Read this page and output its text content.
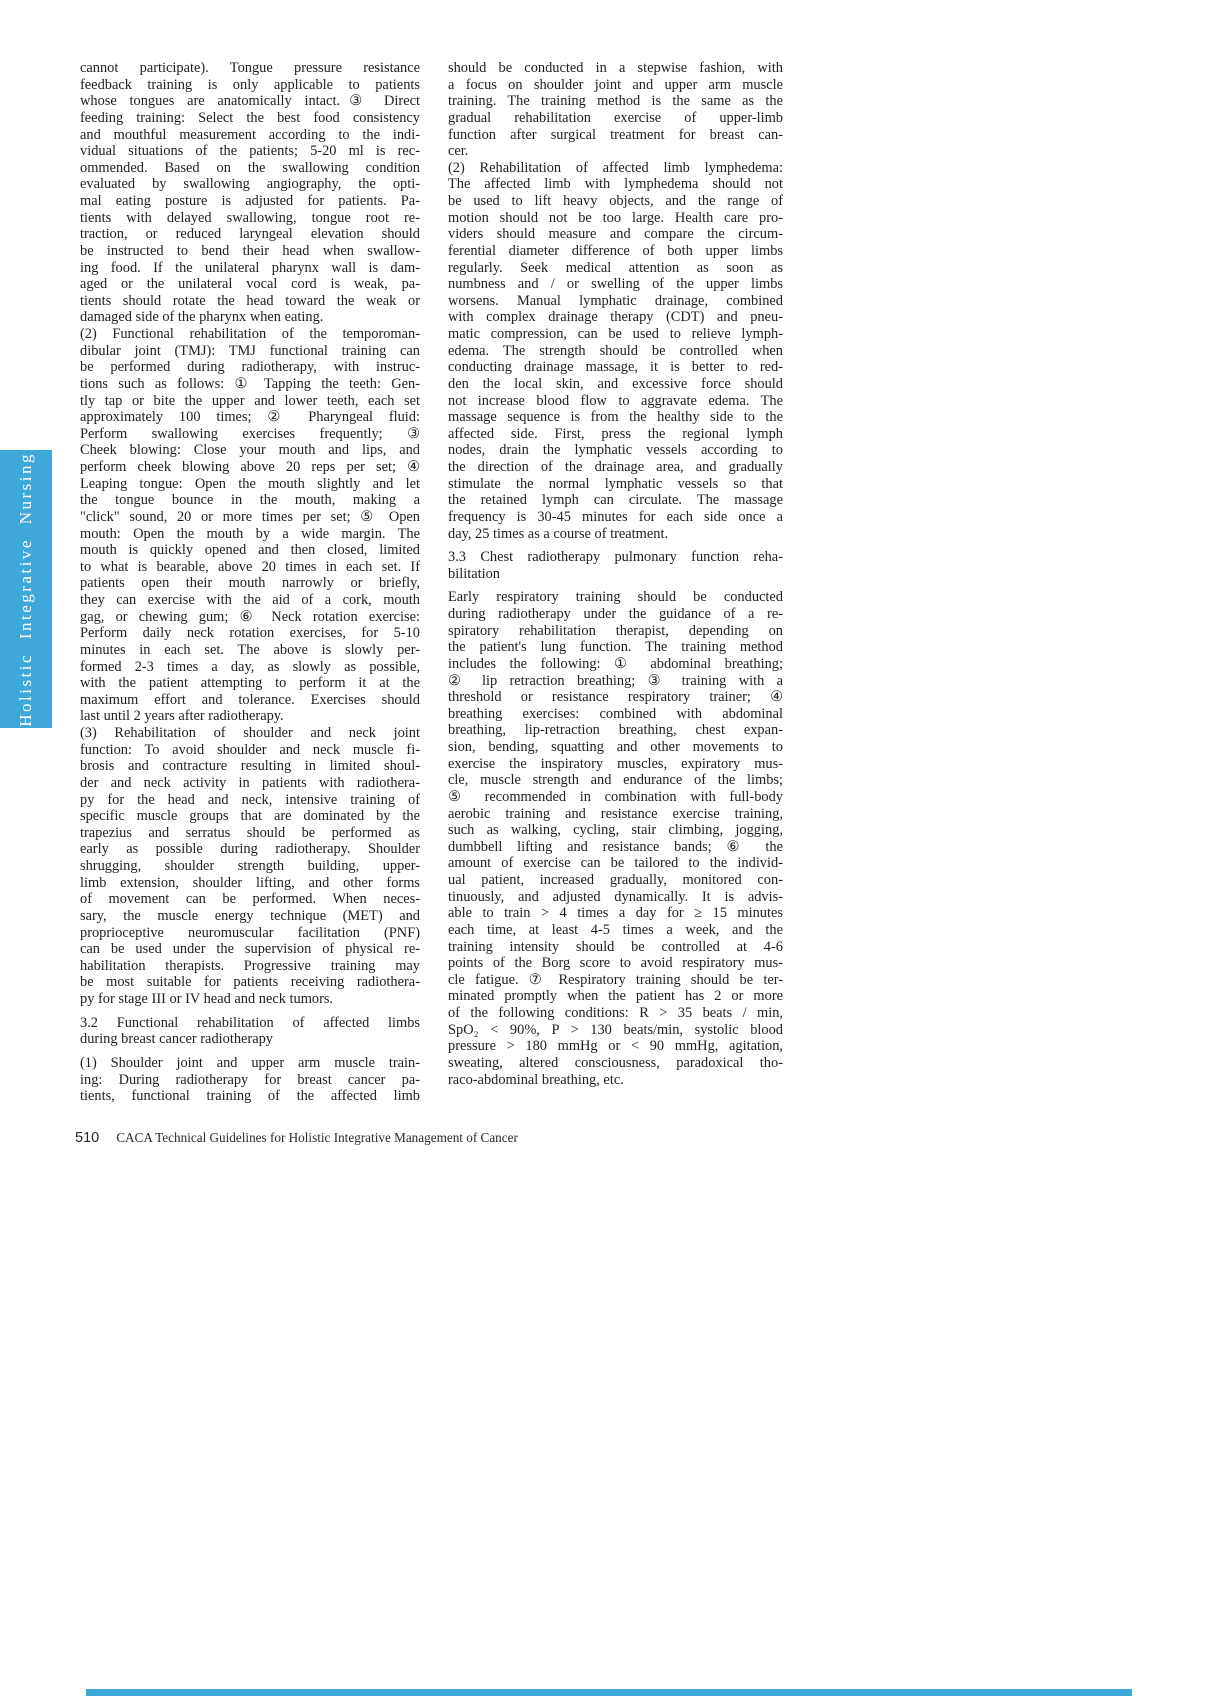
Holistic Integrative Nursing
cannot participate). Tongue pressure resistance
feedback training is only applicable to patients
whose tongues are anatomically intact.③ Direct
feeding training: Select the best food consistency
and mouthful measurement according to the indi-
vidual situations of the patients; 5-20 ml is rec-
ommended. Based on the swallowing condition
evaluated by swallowing angiography, the opti-
mal eating posture is adjusted for patients. Pa-
tients with delayed swallowing, tongue root re-
traction, or reduced laryngeal elevation should
be instructed to bend their head when swallow-
ing food. If the unilateral pharynx wall is dam-
aged or the unilateral vocal cord is weak, pa-
tients should rotate the head toward the weak or
damaged side of the pharynx when eating.
(2) Functional rehabilitation of the temporoman-
dibular joint (TMJ): TMJ functional training can
be performed during radiotherapy, with instruc-
tions such as follows: ① Tapping the teeth: Gen-
tly tap or bite the upper and lower teeth, each set
approximately 100 times; ② Pharyngeal fluid:
Perform swallowing exercises frequently; ③
Cheek blowing: Close your mouth and lips, and
perform cheek blowing above 20 reps per set; ④
Leaping tongue: Open the mouth slightly and let
the tongue bounce in the mouth, making a
"click" sound, 20 or more times per set; ⑤ Open
mouth: Open the mouth by a wide margin. The
mouth is quickly opened and then closed, limited
to what is bearable, above 20 times in each set. If
patients open their mouth narrowly or briefly,
they can exercise with the aid of a cork, mouth
gag, or chewing gum; ⑥ Neck rotation exercise:
Perform daily neck rotation exercises, for 5-10
minutes in each set. The above is slowly per-
formed 2-3 times a day, as slowly as possible,
with the patient attempting to perform it at the
maximum effort and tolerance. Exercises should
last until 2 years after radiotherapy.
(3) Rehabilitation of shoulder and neck joint
function: To avoid shoulder and neck muscle fi-
brosis and contracture resulting in limited shoul-
der and neck activity in patients with radiothera-
py for the head and neck, intensive training of
specific muscle groups that are dominated by the
trapezius and serratus should be performed as
early as possible during radiotherapy. Shoulder
shrugging, shoulder strength building, upper-
limb extension, shoulder lifting, and other forms
of movement can be performed. When neces-
sary, the muscle energy technique (MET) and
proprioceptive neuromuscular facilitation (PNF)
can be used under the supervision of physical re-
habilitation therapists. Progressive training may
be most suitable for patients receiving radiothera-
py for stage III or IV head and neck tumors.
3.2 Functional rehabilitation of affected limbs
during breast cancer radiotherapy
(1) Shoulder joint and upper arm muscle train-
ing: During radiotherapy for breast cancer pa-
tients, functional training of the affected limb
should be conducted in a stepwise fashion, with
a focus on shoulder joint and upper arm muscle
training. The training method is the same as the
gradual rehabilitation exercise of upper-limb
function after surgical treatment for breast can-
cer.
(2) Rehabilitation of affected limb lymphedema:
The affected limb with lymphedema should not
be used to lift heavy objects, and the range of
motion should not be too large. Health care pro-
viders should measure and compare the circum-
ferential diameter difference of both upper limbs
regularly. Seek medical attention as soon as
numbness and / or swelling of the upper limbs
worsens. Manual lymphatic drainage, combined
with complex drainage therapy (CDT) and pneu-
matic compression, can be used to relieve lymph-
edema. The strength should be controlled when
conducting drainage massage, it is better to red-
den the local skin, and excessive force should
not increase blood flow to aggravate edema. The
massage sequence is from the healthy side to the
affected side. First, press the regional lymph
nodes, drain the lymphatic vessels according to
the direction of the drainage area, and gradually
stimulate the normal lymphatic vessels so that
the retained lymph can circulate. The massage
frequency is 30-45 minutes for each side once a
day, 25 times as a course of treatment.
3.3 Chest radiotherapy pulmonary function reha-
bilitation
Early respiratory training should be conducted
during radiotherapy under the guidance of a re-
spiratory rehabilitation therapist, depending on
the patient's lung function. The training method
includes the following: ① abdominal breathing;
② lip retraction breathing; ③ training with a
threshold or resistance respiratory trainer; ④
breathing exercises: combined with abdominal
breathing, lip-retraction breathing, chest expan-
sion, bending, squatting and other movements to
exercise the inspiratory muscles, expiratory mus-
cle, muscle strength and endurance of the limbs;
⑤ recommended in combination with full-body
aerobic training and resistance exercise training,
such as walking, cycling, stair climbing, jogging,
dumbbell lifting and resistance bands; ⑥ the
amount of exercise can be tailored to the individ-
ual patient, increased gradually, monitored con-
tinuously, and adjusted dynamically. It is advis-
able to train > 4 times a day for ≥ 15 minutes
each time, at least 4-5 times a week, and the
training intensity should be controlled at 4-6
points of the Borg score to avoid respiratory mus-
cle fatigue. ⑦ Respiratory training should be ter-
minated promptly when the patient has 2 or more
of the following conditions: R > 35 beats / min,
SpO₂ < 90%, P > 130 beats/min, systolic blood
pressure > 180 mmHg or < 90 mmHg, agitation,
sweating, altered consciousness, paradoxical tho-
raco-abdominal breathing, etc.
510 CACA Technical Guidelines for Holistic Integrative Management of Cancer
